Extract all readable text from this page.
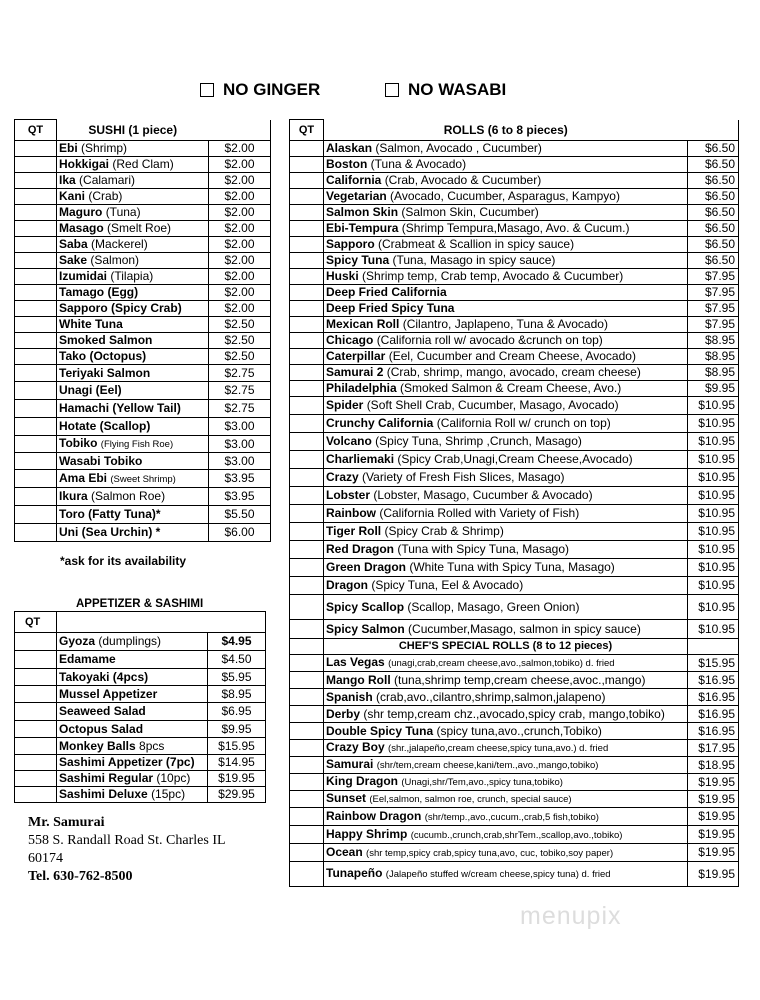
NO GINGER	NO WASABI
QT	SUSHI (1 piece)	
	Ebi (Shrimp)	$2.00
	Hokkigai (Red Clam)	$2.00
	Ika (Calamari)	$2.00
	Kani (Crab)	$2.00
	Maguro (Tuna)	$2.00
	Masago (Smelt Roe)	$2.00
	Saba (Mackerel)	$2.00
	Sake (Salmon)	$2.00
	Izumidai (Tilapia)	$2.00
	Tamago (Egg)	$2.00
	Sapporo (Spicy Crab)	$2.00
	White Tuna	$2.50
	Smoked Salmon	$2.50
	Tako (Octopus)	$2.50
	Teriyaki Salmon	$2.75
	Unagi (Eel)	$2.75
	Hamachi (Yellow Tail)	$2.75
	Hotate (Scallop)	$3.00
	Tobiko (Flying Fish Roe)	$3.00
	Wasabi Tobiko	$3.00
	Ama Ebi (Sweet Shrimp)	$3.95
	Ikura (Salmon Roe)	$3.95
	Toro (Fatty Tuna)*	$5.50
	Uni (Sea Urchin) *	$6.00
*ask for its availability
QT	ROLLS (6 to 8 pieces)	
	Alaskan (Salmon, Avocado , Cucumber)	$6.50
	Boston (Tuna & Avocado)	$6.50
	California (Crab, Avocado & Cucumber)	$6.50
	Vegetarian (Avocado, Cucumber, Asparagus, Kampyo)	$6.50
	Salmon Skin (Salmon Skin, Cucumber)	$6.50
	Ebi-Tempura (Shrimp Tempura,Masago, Avo. & Cucum.)	$6.50
	Sapporo (Crabmeat & Scallion in spicy sauce)	$6.50
	Spicy Tuna (Tuna, Masago in spicy sauce)	$6.50
	Huski (Shrimp temp, Crab temp, Avocado & Cucumber)	$7.95
	Deep Fried California	$7.95
	Deep Fried Spicy Tuna	$7.95
	Mexican Roll (Cilantro, Japlapeno, Tuna & Avocado)	$7.95
	Chicago (California roll w/ avocado &crunch on top)	$8.95
	Caterpillar (Eel, Cucumber and Cream Cheese, Avocado)	$8.95
	Samurai 2 (Crab, shrimp, mango, avocado, cream cheese)	$8.95
	Philadelphia (Smoked Salmon & Cream Cheese, Avo.)	$9.95
	Spider (Soft Shell Crab, Cucumber, Masago, Avocado)	$10.95
	Crunchy California (California Roll w/ crunch on top)	$10.95
	Volcano (Spicy Tuna, Shrimp ,Crunch, Masago)	$10.95
	Charliemaki (Spicy Crab,Unagi,Cream Cheese,Avocado)	$10.95
	Crazy (Variety of Fresh Fish Slices, Masago)	$10.95
	Lobster (Lobster, Masago, Cucumber & Avocado)	$10.95
	Rainbow (California Rolled with Variety of Fish)	$10.95
	Tiger Roll (Spicy Crab & Shrimp)	$10.95
	Red Dragon (Tuna with Spicy Tuna, Masago)	$10.95
	Green Dragon (White Tuna with Spicy Tuna, Masago)	$10.95
	Dragon (Spicy Tuna, Eel & Avocado)	$10.95
	Spicy Scallop (Scallop, Masago, Green Onion)	$10.95
	Spicy Salmon (Cucumber,Masago, salmon in spicy sauce)	$10.95
	CHEF'S SPECIAL ROLLS (8 to 12 pieces)	
	Las Vegas (unagi,crab,cream cheese,avo.,salmon,tobiko) d. fried	$15.95
	Mango Roll (tuna,shrimp temp,cream cheese,avoc.,mango)	$16.95
	Spanish (crab,avo.,cilantro,shrimp,salmon,jalapeno)	$16.95
	Derby (shr temp,cream chz.,avocado,spicy crab, mango,tobiko)	$16.95
	Double Spicy Tuna (spicy tuna,avo.,crunch,Tobiko)	$16.95
	Crazy Boy (shr.,jalapeño,cream cheese,spicy tuna,avo.) d. fried	$17.95
	Samurai (shr/tem,cream cheese,kani/tem.,avo.,mango,tobiko)	$18.95
	King Dragon (Unagi,shr/Tem,avo.,spicy tuna,tobiko)	$19.95
	Sunset (Eel,salmon, salmon roe, crunch, special sauce)	$19.95
	Rainbow Dragon (shr/temp.,avo.,cucum.,crab,5 fish,tobiko)	$19.95
	Happy Shrimp (cucumb.,crunch,crab,shrTem.,scallop,avo.,tobiko)	$19.95
	Ocean (shr temp,spicy crab,spicy tuna,avo, cuc, tobiko,soy paper)	$19.95
	Tunapeño (Jalapeño stuffed w/cream cheese,spicy tuna) d. fried	$19.95
APPETIZER & SASHIMI
QT		
	Gyoza (dumplings)	$4.95
	Edamame	$4.50
	Takoyaki (4pcs)	$5.95
	Mussel Appetizer	$8.95
	Seaweed Salad	$6.95
	Octopus Salad	$9.95
	Monkey Balls 8pcs	$15.95
	Sashimi Appetizer (7pc)	$14.95
	Sashimi Regular (10pc)	$19.95
	Sashimi Deluxe (15pc)	$29.95
Mr. Samurai
558 S. Randall Road St. Charles IL
60174
Tel. 630-762-8500
menupix
